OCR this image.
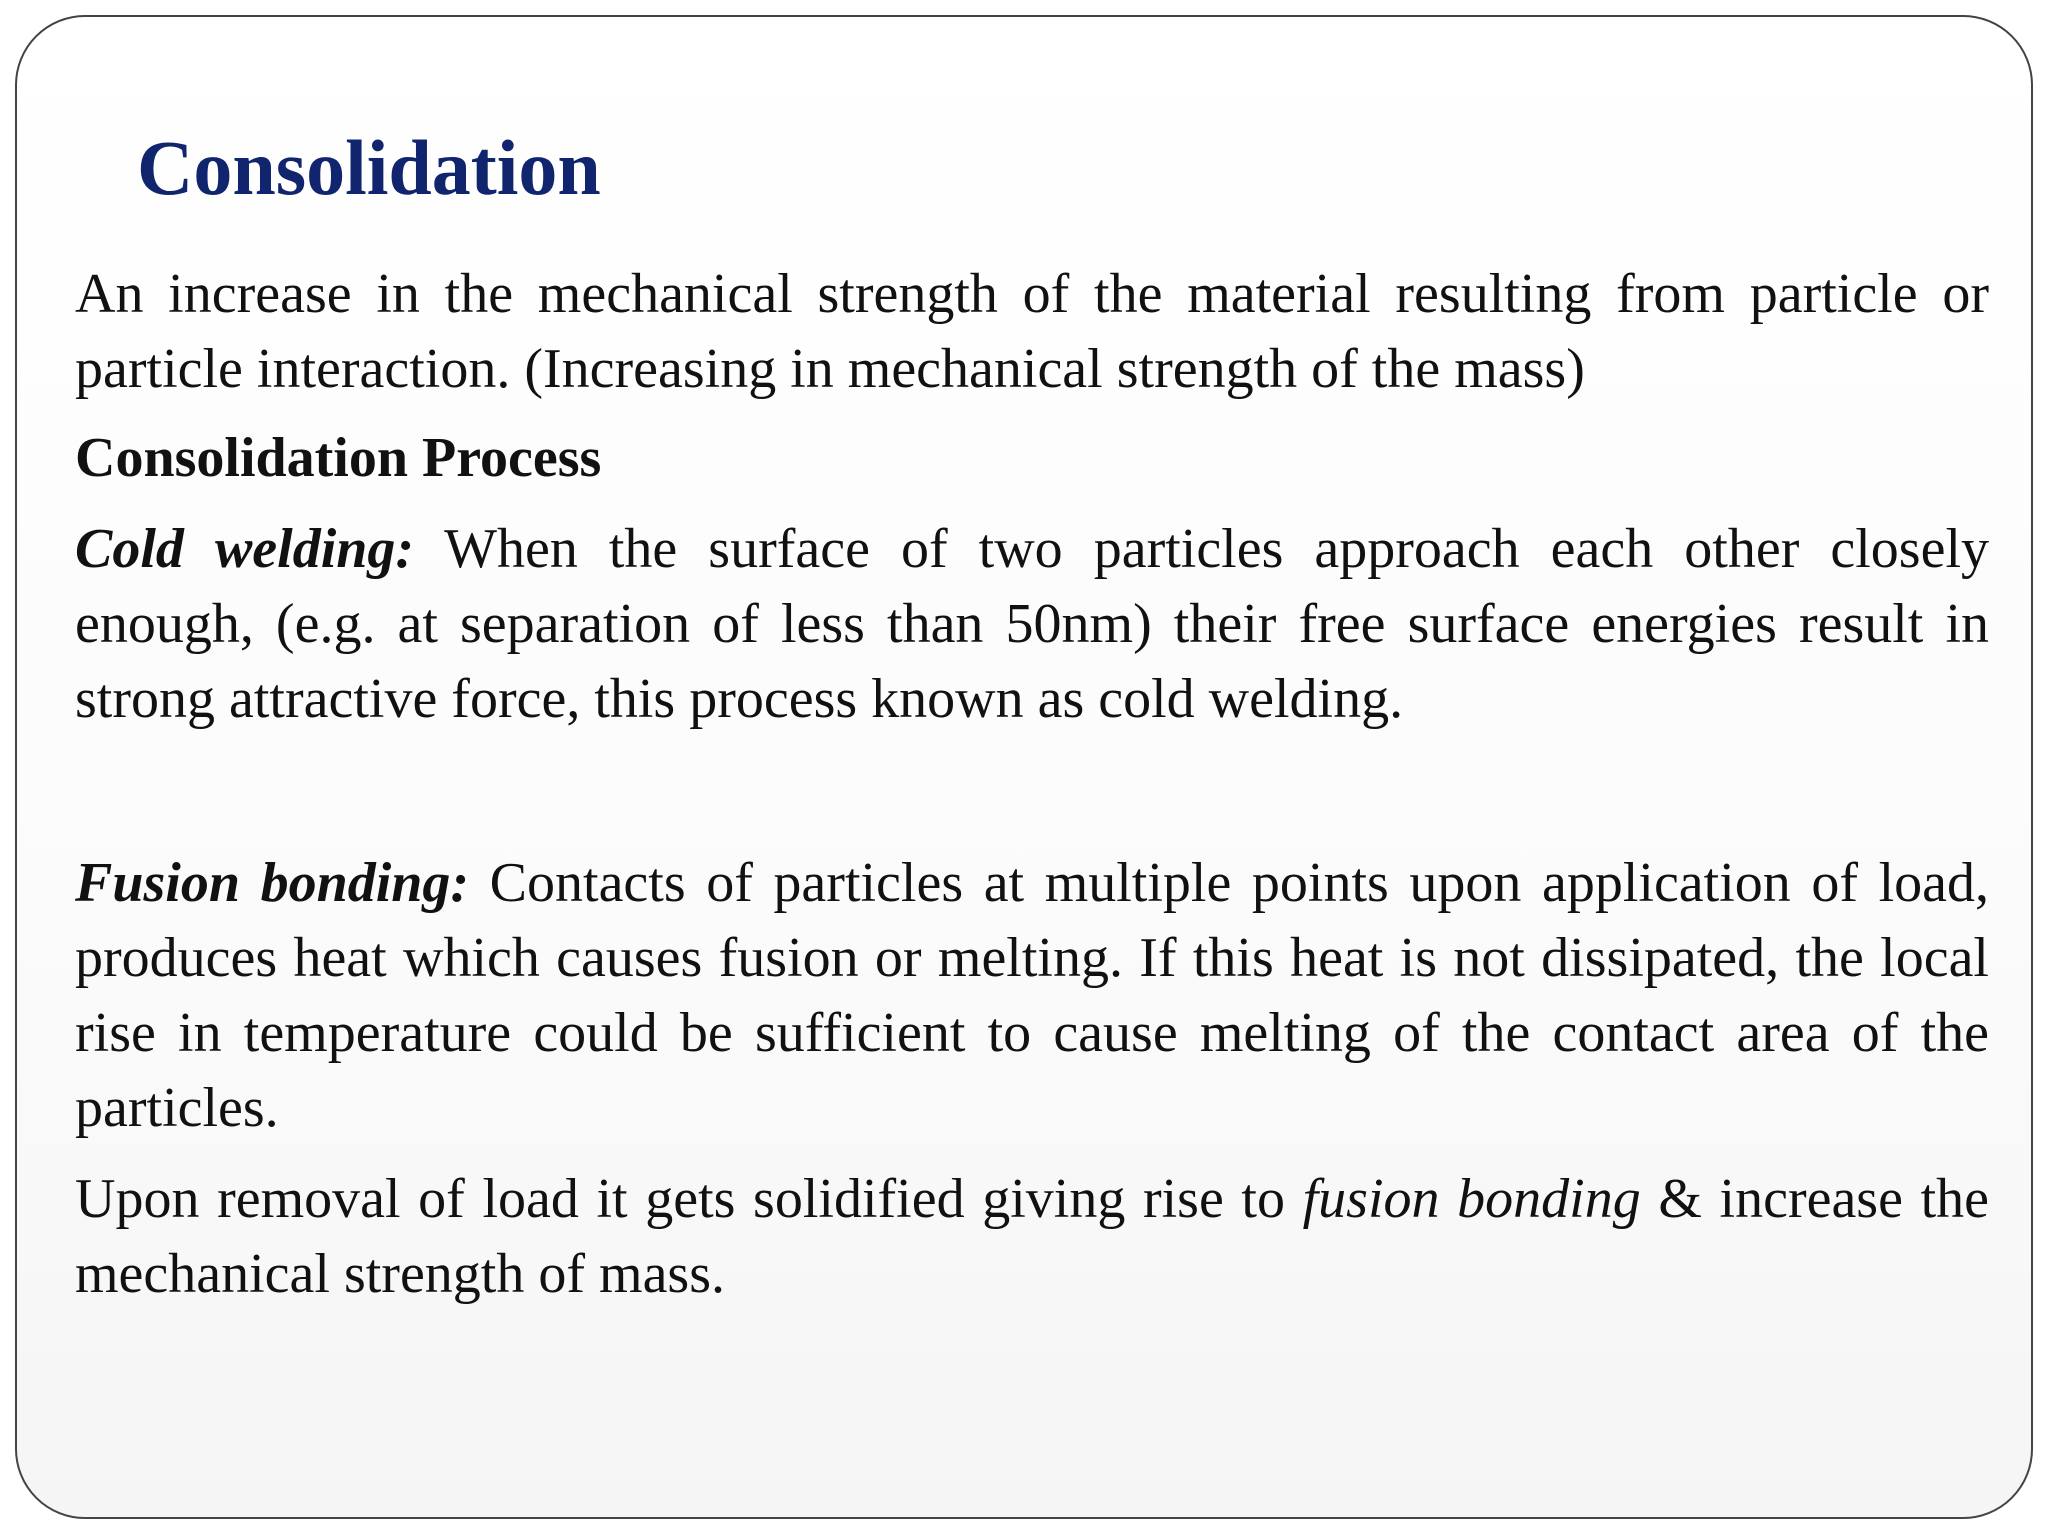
Consolidation

An increase in the mechanical strength of the material resulting from particle or particle interaction. (Increasing in mechanical strength of the mass)

Consolidation Process

Cold welding: When the surface of two particles approach each other closely enough, (e.g. at separation of less than 50nm) their free surface energies result in strong attractive force, this process known as cold welding.

Fusion bonding: Contacts of particles at multiple points upon application of load, produces heat which causes fusion or melting. If this heat is not dissipated, the local rise in temperature could be sufficient to cause melting of the contact area of the particles.

Upon removal of load it gets solidified giving rise to fusion bonding & increase the mechanical strength of mass.
